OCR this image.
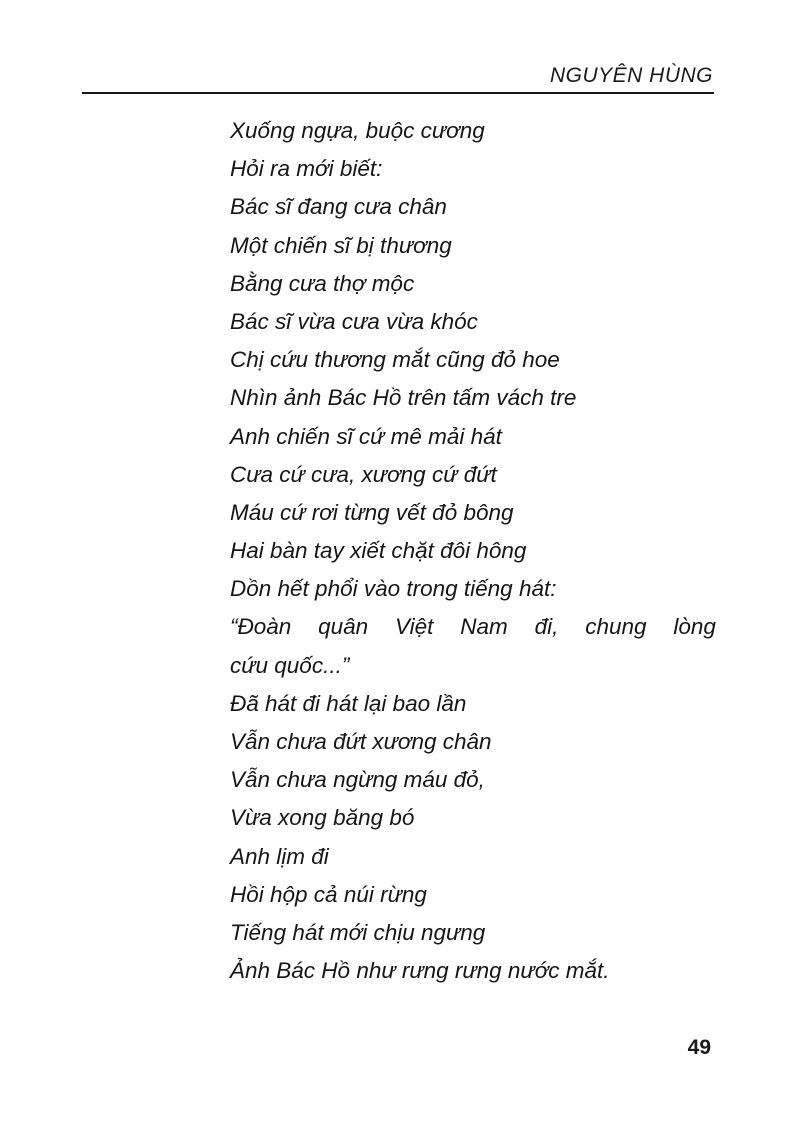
NGUYÊN HÙNG
Xuống ngựa, buộc cương
Hỏi ra mới biết:
Bác sĩ đang cưa chân
Một chiến sĩ bị thương
Bằng cưa thợ mộc
Bác sĩ vừa cưa vừa khóc
Chị cứu thương mắt cũng đỏ hoe
Nhìn ảnh Bác Hồ trên tấm vách tre
Anh chiến sĩ cứ mê mải hát
Cưa cứ cưa, xương cứ đứt
Máu cứ rơi từng vết đỏ bông
Hai bàn tay xiết chặt đôi hông
Dồn hết phổi vào trong tiếng hát:
“Đoàn quân Việt Nam đi, chung lòng
cứu quốc...”
Đã hát đi hát lại bao lần
Vẫn chưa đứt xương chân
Vẫn chưa ngừng máu đỏ,
Vừa xong băng bó
Anh lịm đi
Hồi hộp cả núi rừng
Tiếng hát mới chịu ngưng
Ảnh Bác Hồ như rưng rưng nước mắt.
49
